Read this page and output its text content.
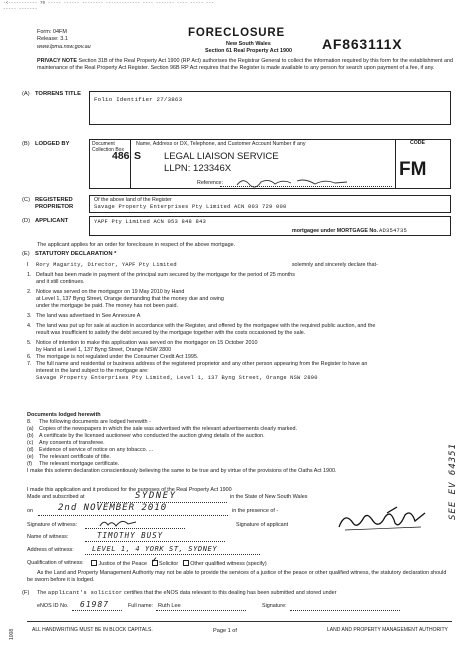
-<----------- 70 ----- ------ -------- ------------- ---- ------- ---- ----- ---
----- -------
Form: 04FM
Release: 3.1
www.lpma.nsw.gov.au
FORECLOSURE
New South Wales
Section 61 Real Property Act 1900 AF863111X
SEE EV 64351
PRIVACY NOTE Section 31B of the Real Property Act 1900 (RP Act) authorises the Registrar General to collect the information required by this form for the establishment and maintenance of the Real Property Act Register. Section 96B RP Act requires that the Register is made available to any person for search upon payment of a fee, if any.
(A) TORRENS TITLE
Folio Identifier 27/3863
(B) LODGED BY	Document Collection Box
486 S
Name, Address or DX, Telephone, and Customer Account Number if any
LEGAL LIAISON SERVICE
LLPN: 123346X
Reference:
CODE
FM
(C) REGISTERED
PROPRIETOR
Of the above land of the Register
Savage Property Enterprises Pty Limited ACN 003 729 000
(D) APPLICANT	YAPF Pty Limited ACN 053 848 843
mortgagee under MORTGAGE No. AD354735
The applicant applies for an order for foreclosure in respect of the above mortgage.
(E) STATUTORY DECLARATION *
I Rory Magarity, Director, YAPF Pty Limited	solemnly and sincerely declare that-
1. Default has been made in payment of the principal sum secured by the mortgage for the period of 25 months
and it still continues.
2. Notice was served on the mortgagor on 19 May 2010 by Hand
at Level 1, 137 Byng Street, Orange demanding that the money due and owing
under the mortgage be paid. The money has not been paid.
3. The land was advertised in See Annexure A
4. The land was put up for sale at auction in accordance with the Register, and offered by the mortgagee with the required public auction, and the
result was insufficient to satisfy the debt secured by the mortgage together with the costs occasioned by the sale.
5. Notice of intention to make this application was served on the mortgagor on 15 October 2010
by Hand at Level 1, 137 Byng Street, Orange NSW 2800
6. The mortgage is not regulated under the Consumer Credit Act 1995.
7. The full name and residential or business address of the registered proprietor and any other person appearing from the Register to have an
interest in the land subject to the mortgage are:
Savage Property Enterprises Pty Limited, Level 1, 137 Byng Street, Orange NSW 2800
Documents lodged herewith
8. The following documents are lodged herewith -
(a) Copies of the newspapers in which the sale was advertised with the relevant advertisements clearly marked.
(b) A certificate by the licensed auctioneer who conducted the auction giving details of the auction.
(c) Any consents of transferee.
(d) Evidence of service of notice on any tobacco. ...
(e) The relevant certificate of title.
(f) The relevant mortgage certificate.
I make this solemn declaration conscientiously believing the same to be true and by virtue of the provisions of the Oaths Act 1900.
I made this application and it produced for the purposes of the Real Property Act 1900
Made and subscribed at	SYDNEY	in the State of New South Wales
on	2nd NOVEMBER 2010	in the presence of -
Signature of witness:	Signature of applicant
Name of witness:	TIMOTHY BUSY
Address of witness:	LEVEL 1, 4 YORK ST, SYDNEY
Qualification of witness:	Justice of the Peace ✓ Solicitor Other qualified witness (specify)
As the Land and Property Management Authority may not be able to provide the services of a justice of the peace or other qualified witness, the statutory declaration should be sworn before it is lodged.
(F) The applicant's solicitor certifies that the eNOS data relevant to this dealing has been submitted and stored under
eNOS ID No. 61987	Full name: Ruth Lee	Signature:
ALL HANDWRITING MUST BE IN BLOCK CAPITALS.	Page 1 of	LAND AND PROPERTY MANAGEMENT AUTHORITY
1008
